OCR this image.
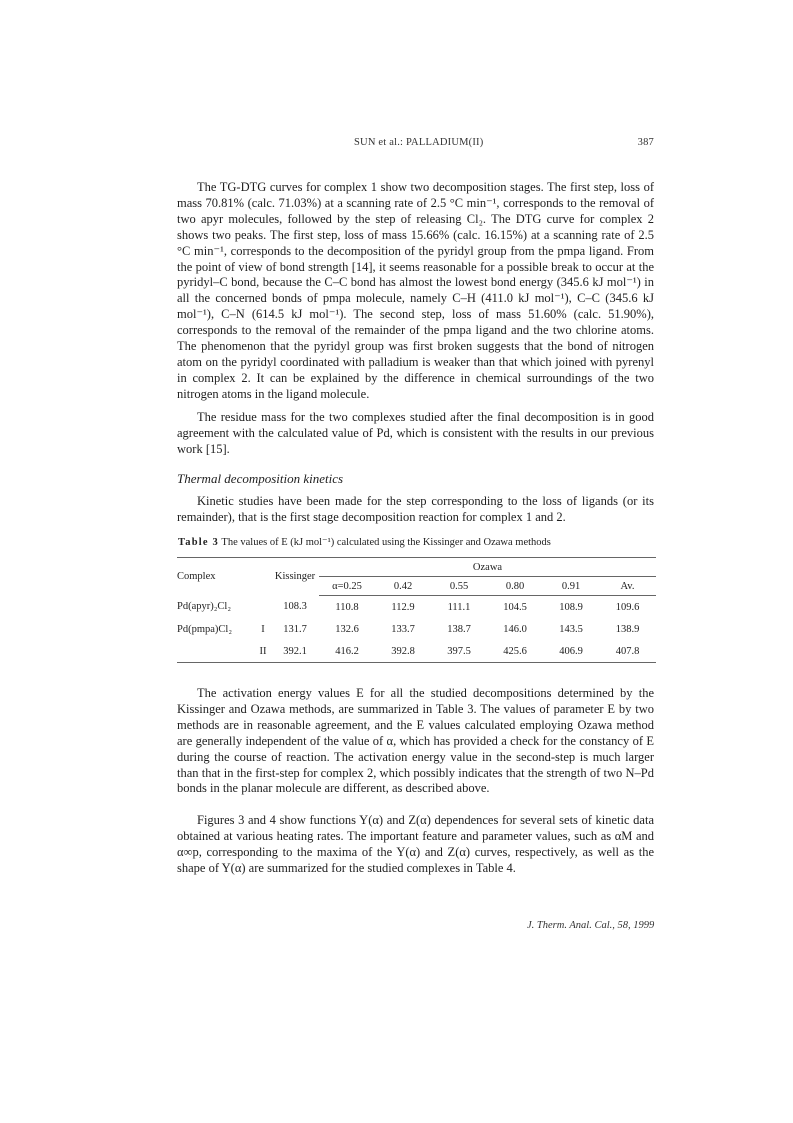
SUN et al.: PALLADIUM(II)	387

The TG-DTG curves for complex 1 show two decomposition stages. The first step, loss of mass 70.81% (calc. 71.03%) at a scanning rate of 2.5 °C min⁻¹, corresponds to the removal of two apyr molecules, followed by the step of releasing Cl₂. The DTG curve for complex 2 shows two peaks. The first step, loss of mass 15.66% (calc. 16.15%) at a scanning rate of 2.5 °C min⁻¹, corresponds to the decomposition of the pyridyl group from the pmpa ligand. From the point of view of bond strength [14], it seems reasonable for a possible break to occur at the pyridyl–C bond, because the C–C bond has almost the lowest bond energy (345.6 kJ mol⁻¹) in all the concerned bonds of pmpa molecule, namely C–H (411.0 kJ mol⁻¹), C–C (345.6 kJ mol⁻¹), C–N (614.5 kJ mol⁻¹). The second step, loss of mass 51.60% (calc. 51.90%), corresponds to the removal of the remainder of the pmpa ligand and the two chlorine atoms. The phenomenon that the pyridyl group was first broken suggests that the bond of nitrogen atom on the pyridyl coordinated with palladium is weaker than that which joined with pyrenyl in complex 2. It can be explained by the difference in chemical surroundings of the two nitrogen atoms in the ligand molecule.

The residue mass for the two complexes studied after the final decomposition is in good agreement with the calculated value of Pd, which is consistent with the results in our previous work [15].

Thermal decomposition kinetics

Kinetic studies have been made for the step corresponding to the loss of ligands (or its remainder), that is the first stage decomposition reaction for complex 1 and 2.

Table 3 The values of E (kJ mol⁻¹) calculated using the Kissinger and Ozawa methods
Complex		Kissinger	Ozawa					
			α=0.25	0.42	0.55	0.80	0.91	Av.
Pd(apyr)₂Cl₂		108.3	110.8	112.9	111.1	104.5	108.9	109.6
Pd(pmpa)Cl₂	I	131.7	132.6	133.7	138.7	146.0	143.5	138.9
	II	392.1	416.2	392.8	397.5	425.6	406.9	407.8

The activation energy values E for all the studied decompositions determined by the Kissinger and Ozawa methods, are summarized in Table 3. The values of parameter E by two methods are in reasonable agreement, and the E values calculated employing Ozawa method are generally independent of the value of α, which has provided a check for the constancy of E during the course of reaction. The activation energy value in the second-step is much larger than that in the first-step for complex 2, which possibly indicates that the strength of two N–Pd bonds in the planar molecule are different, as described above.

Figures 3 and 4 show functions Y(α) and Z(α) dependences for several sets of kinetic data obtained at various heating rates. The important feature and parameter values, such as αM and α∞p, corresponding to the maxima of the Y(α) and Z(α) curves, respectively, as well as the shape of Y(α) are summarized for the studied complexes in Table 4.

J. Therm. Anal. Cal., 58, 1999
